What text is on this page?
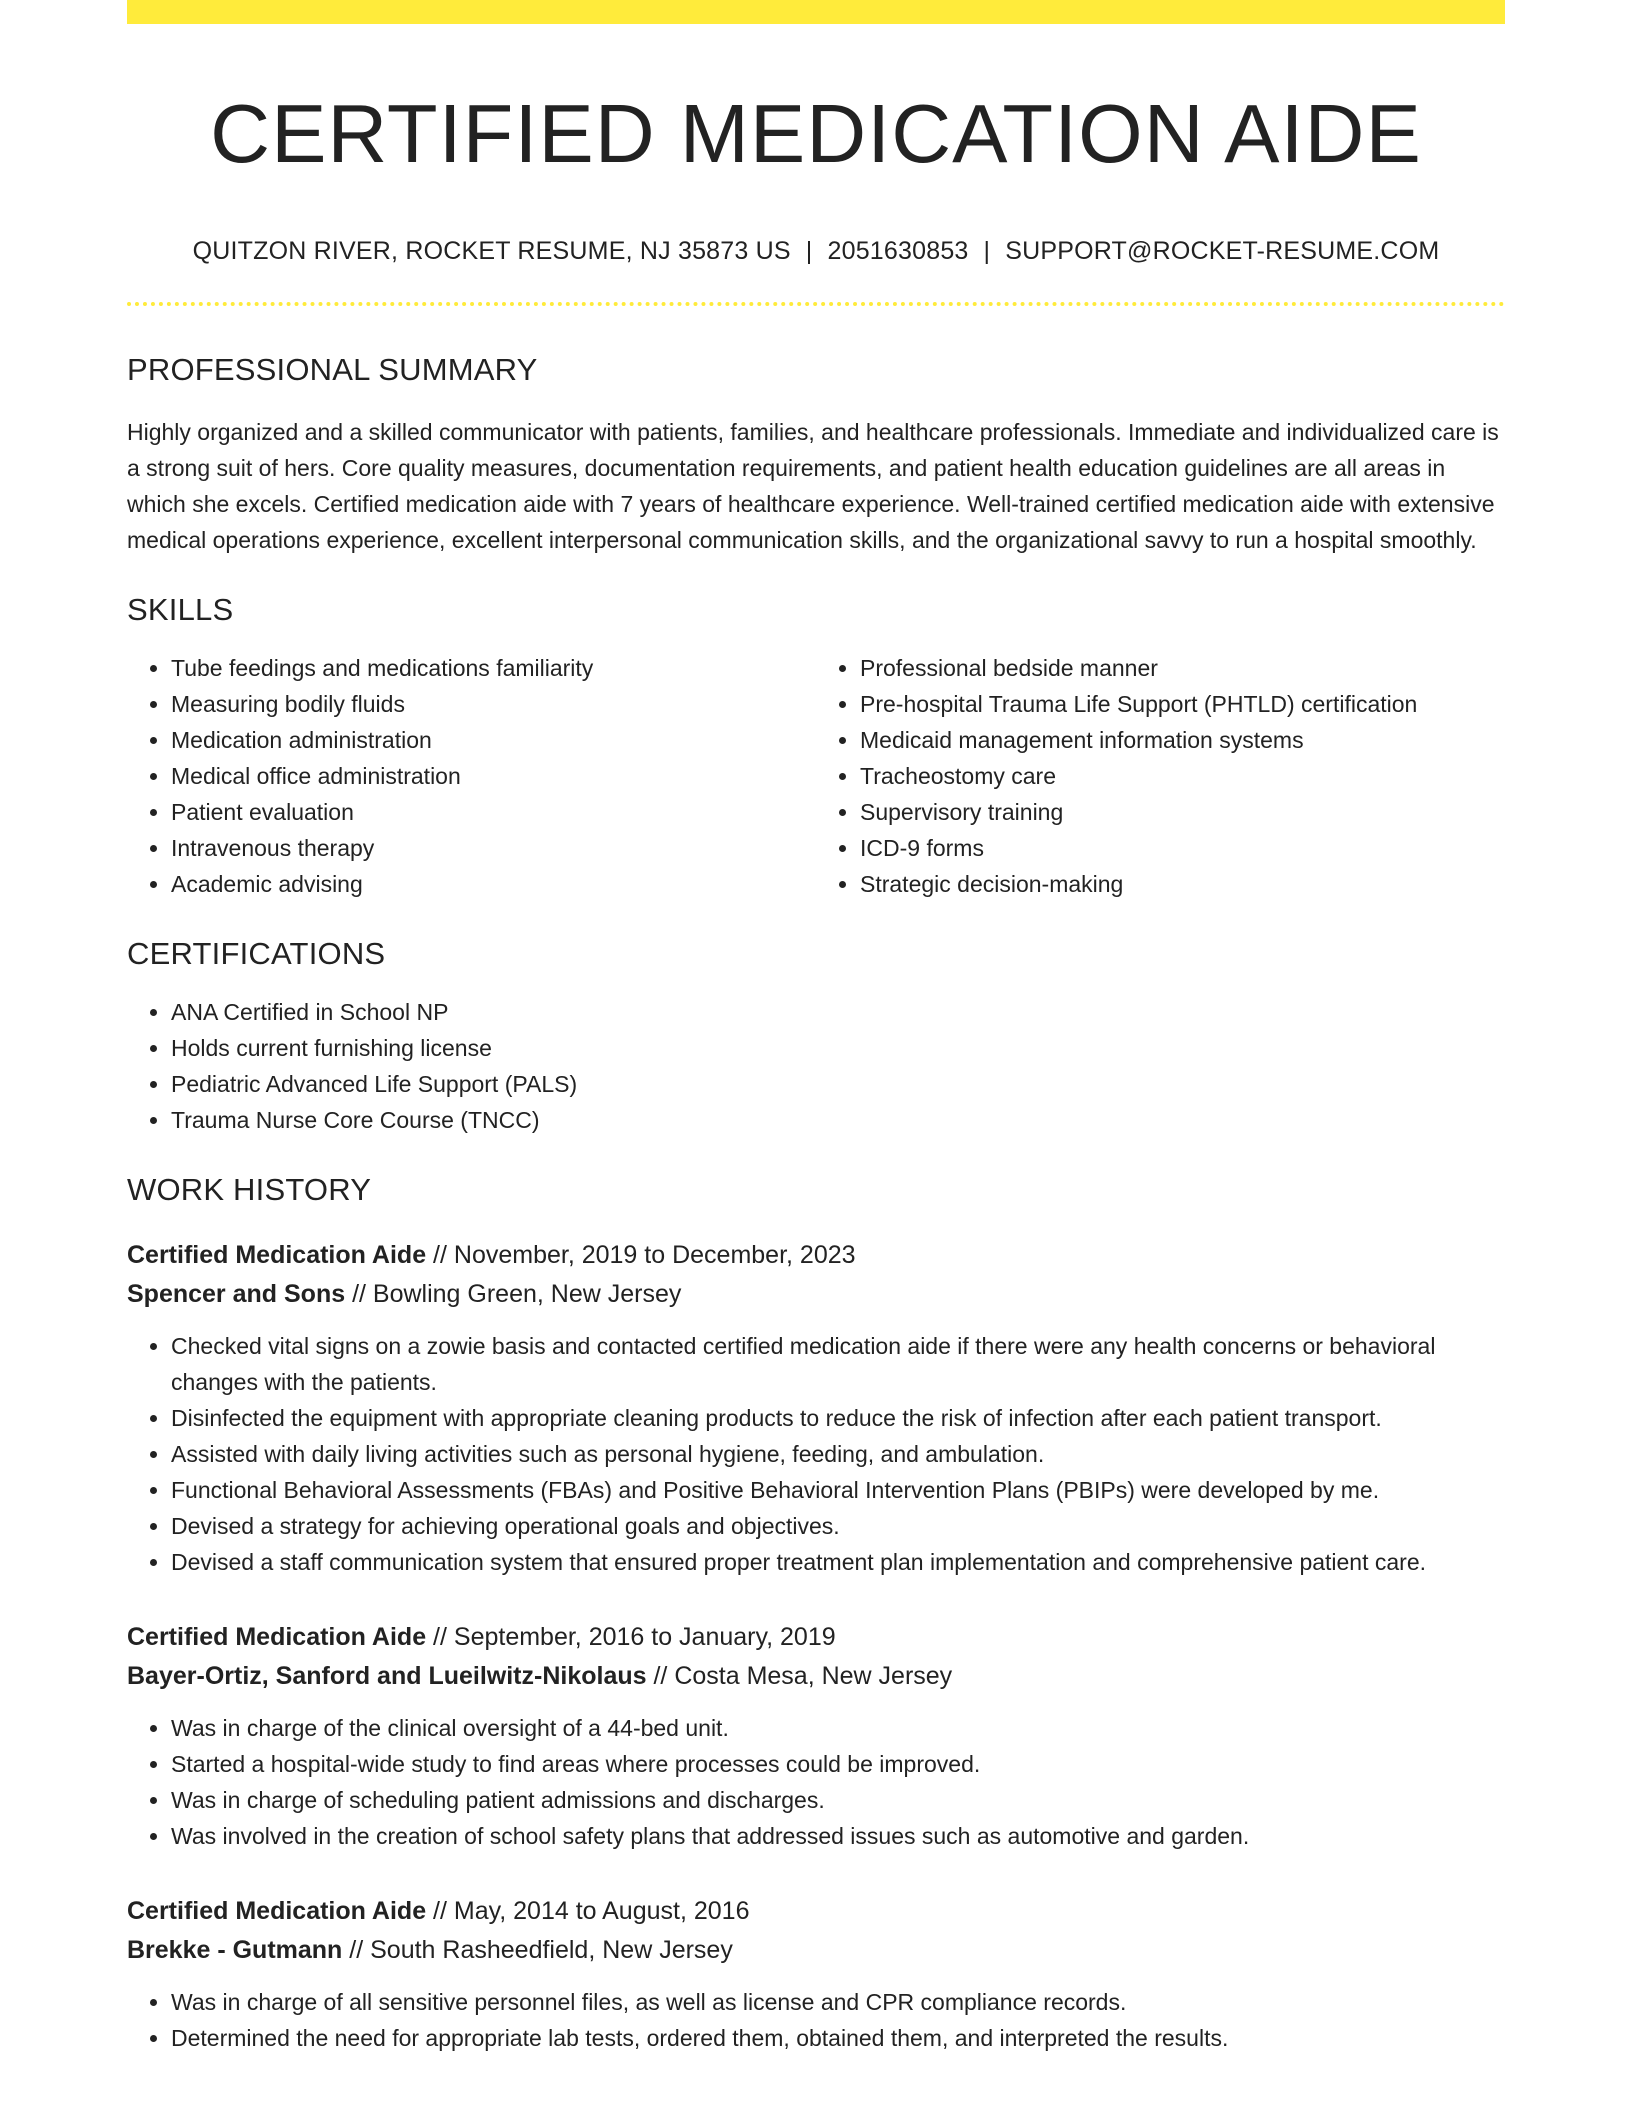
CERTIFIED MEDICATION AIDE
QUITZON RIVER, ROCKET RESUME, NJ 35873 US | 2051630853 | SUPPORT@ROCKET-RESUME.COM
PROFESSIONAL SUMMARY
Highly organized and a skilled communicator with patients, families, and healthcare professionals. Immediate and individualized care is a strong suit of hers. Core quality measures, documentation requirements, and patient health education guidelines are all areas in which she excels. Certified medication aide with 7 years of healthcare experience. Well-trained certified medication aide with extensive medical operations experience, excellent interpersonal communication skills, and the organizational savvy to run a hospital smoothly.
SKILLS
• Tube feedings and medications familiarity
• Measuring bodily fluids
• Medication administration
• Medical office administration
• Patient evaluation
• Intravenous therapy
• Academic advising
• Professional bedside manner
• Pre-hospital Trauma Life Support (PHTLD) certification
• Medicaid management information systems
• Tracheostomy care
• Supervisory training
• ICD-9 forms
• Strategic decision-making
CERTIFICATIONS
• ANA Certified in School NP
• Holds current furnishing license
• Pediatric Advanced Life Support (PALS)
• Trauma Nurse Core Course (TNCC)
WORK HISTORY
Certified Medication Aide // November, 2019 to December, 2023
Spencer and Sons // Bowling Green, New Jersey
• Checked vital signs on a zowie basis and contacted certified medication aide if there were any health concerns or behavioral changes with the patients.
• Disinfected the equipment with appropriate cleaning products to reduce the risk of infection after each patient transport.
• Assisted with daily living activities such as personal hygiene, feeding, and ambulation.
• Functional Behavioral Assessments (FBAs) and Positive Behavioral Intervention Plans (PBIPs) were developed by me.
• Devised a strategy for achieving operational goals and objectives.
• Devised a staff communication system that ensured proper treatment plan implementation and comprehensive patient care.
Certified Medication Aide // September, 2016 to January, 2019
Bayer-Ortiz, Sanford and Lueilwitz-Nikolaus // Costa Mesa, New Jersey
• Was in charge of the clinical oversight of a 44-bed unit.
• Started a hospital-wide study to find areas where processes could be improved.
• Was in charge of scheduling patient admissions and discharges.
• Was involved in the creation of school safety plans that addressed issues such as automotive and garden.
Certified Medication Aide // May, 2014 to August, 2016
Brekke - Gutmann // South Rasheedfield, New Jersey
• Was in charge of all sensitive personnel files, as well as license and CPR compliance records.
• Determined the need for appropriate lab tests, ordered them, obtained them, and interpreted the results.
